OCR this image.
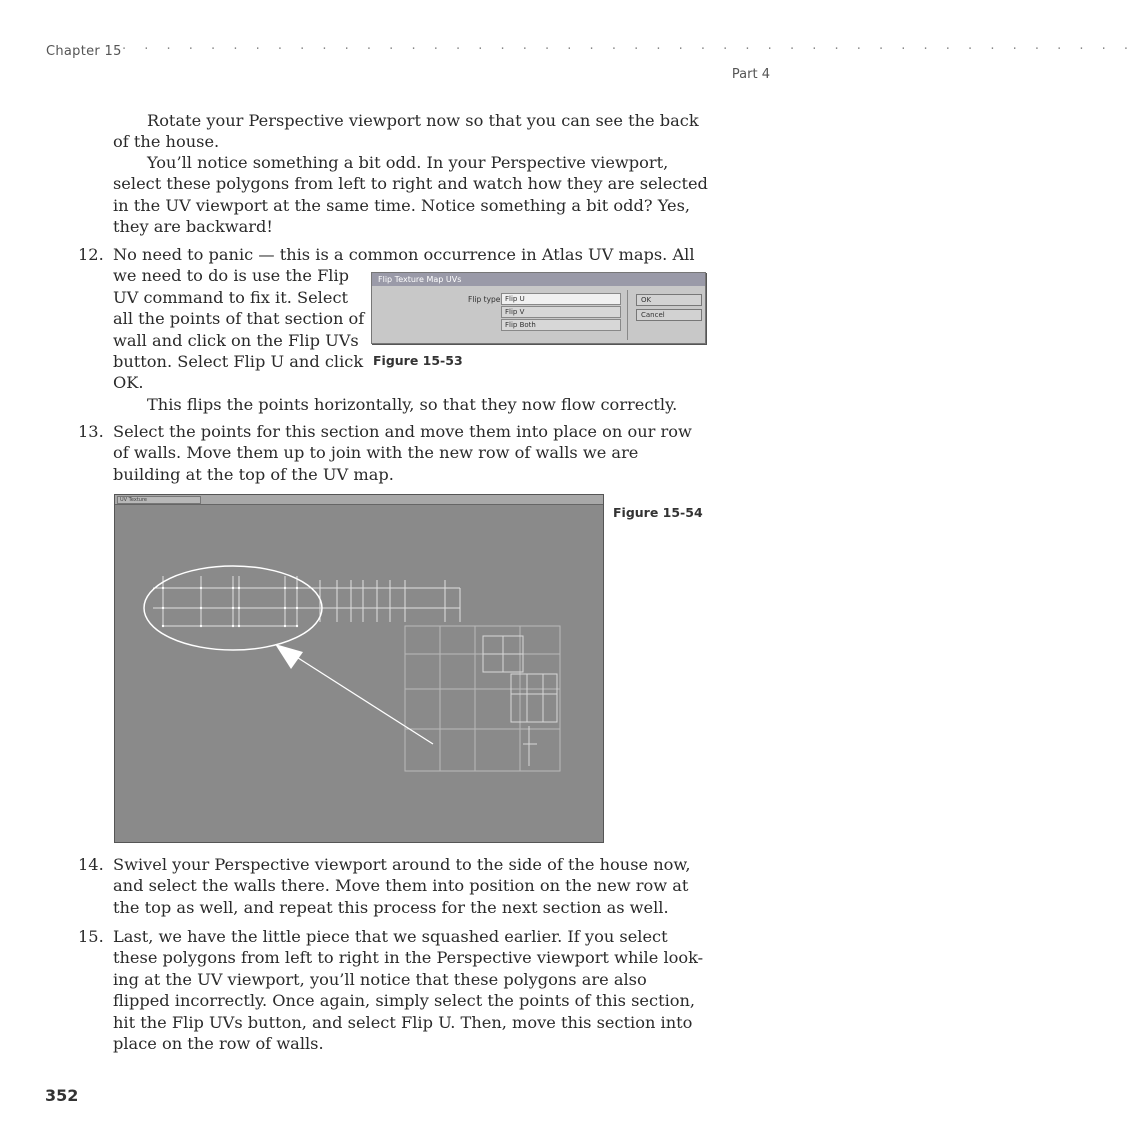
Chapter 15 · · · · · · · · · · · · · · · · · · · · · · · · · · · · · · · · · · · · · · · · · · · · · ·
Part 4
Rotate your Perspective viewport now so that you can see the back of the house.
You’ll notice something a bit odd. In your Perspective viewport, select these polygons from left to right and watch how they are selected in the UV viewport at the same time. Notice something a bit odd? Yes, they are backward!
12. No need to panic — this is a common occurrence in Atlas UV maps. All
we need to do is use the Flip
UV command to fix it. Select
all the points of that section of
wall and click on the Flip UVs
button. Select Flip U and click
OK.
Flip Texture Map UVs
Flip type Flip U
Flip V
Flip Both
OK
Cancel
Figure 15-53
This flips the points horizontally, so that they now flow correctly.
13. Select the points for this section and move them into place on our row of walls. Move them up to join with the new row of walls we are building at the top of the UV map.
UV Texture
Figure 15-54
14. Swivel your Perspective viewport around to the side of the house now, and select the walls there. Move them into position on the new row at the top as well, and repeat this process for the next section as well.
15. Last, we have the little piece that we squashed earlier. If you select these polygons from left to right in the Perspective viewport while look-ing at the UV viewport, you’ll notice that these polygons are also flipped incorrectly. Once again, simply select the points of this section, hit the Flip UVs button, and select Flip U. Then, move this section into place on the row of walls.
352
